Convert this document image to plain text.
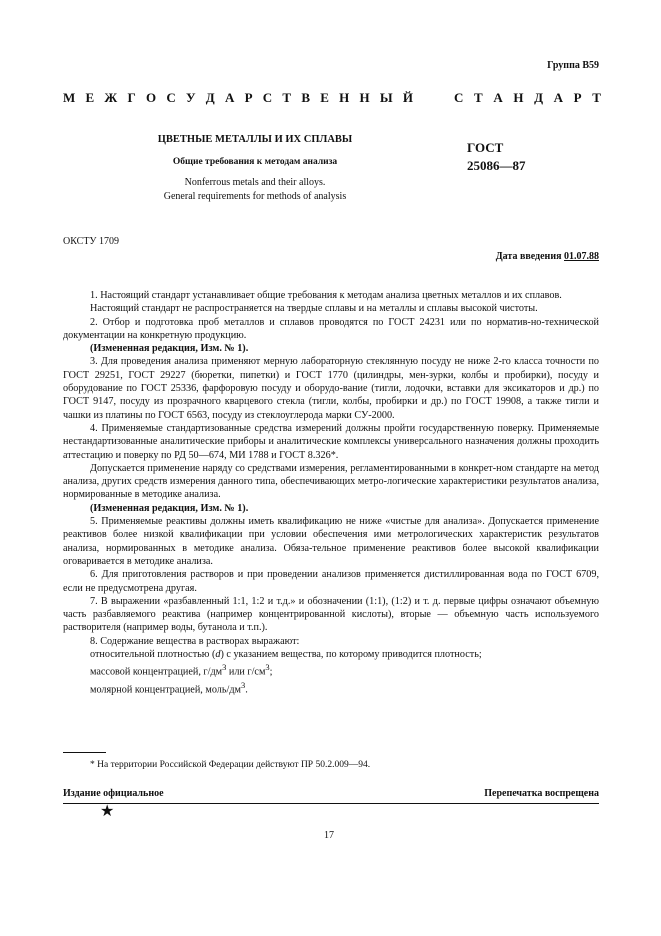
Группа В59
М Е Ж Г О С У Д А Р С Т В Е Н Н Ы Й	С Т А Н Д А Р Т
ЦВЕТНЫЕ МЕТАЛЛЫ И ИХ СПЛАВЫ
Общие требования к методам анализа
Nonferrous metals and their alloys.
General requirements for methods of analysis
ГОСТ
25086—87
ОКСТУ 1709
Дата введения 01.07.88

1. Настоящий стандарт устанавливает общие требования к методам анализа цветных металлов и их сплавов.

Настоящий стандарт не распространяется на твердые сплавы и на металлы и сплавы высокой чистоты.

2. Отбор и подготовка проб металлов и сплавов проводятся по ГОСТ 24231 или по норматив-но-технической документации на конкретную продукцию.

(Измененная редакция, Изм. № 1).

3. Для проведения анализа применяют мерную лабораторную стеклянную посуду не ниже 2-го класса точности по ГОСТ 29251, ГОСТ 29227 (бюретки, пипетки) и ГОСТ 1770 (цилиндры, мен-зурки, колбы и пробирки), посуду и оборудование по ГОСТ 25336, фарфоровую посуду и оборудо-вание (тигли, лодочки, вставки для эксикаторов и др.) по ГОСТ 9147, посуду из прозрачного кварцевого стекла (тигли, колбы, пробирки и др.) по ГОСТ 19908, а также тигли и чашки из платины по ГОСТ 6563, посуду из стеклоуглерода марки СУ-2000.

4. Применяемые стандартизованные средства измерений должны пройти государственную поверку. Применяемые нестандартизованные аналитические приборы и аналитические комплексы универсального назначения должны проходить аттестацию и поверку по РД 50—674, МИ 1788 и ГОСТ 8.326*.

Допускается применение наряду со средствами измерения, регламентированными в конкрет-ном стандарте на метод анализа, других средств измерения данного типа, обеспечивающих метро-логические характеристики результатов анализа, нормированные в методике анализа.

(Измененная редакция, Изм. № 1).

5. Применяемые реактивы должны иметь квалификацию не ниже «чистые для анализа». Допускается применение реактивов более низкой квалификации при условии обеспечения ими метрологических характеристик результатов анализа, нормированных в методике анализа. Обяза-тельное применение реактивов более высокой квалификации оговаривается в методике анализа.

6. Для приготовления растворов и при проведении анализов применяется дистиллированная вода по ГОСТ 6709, если не предусмотрена другая.

7. В выражении «разбавленный 1:1, 1:2 и т.д.» и обозначении (1:1), (1:2) и т. д. первые цифры означают объемную часть разбавляемого реактива (например концентрированной кислоты), вторые — объемную часть используемого растворителя (например воды, бутанола и т.п.).

8. Содержание вещества в растворах выражают:

относительной плотностью (d) с указанием вещества, по которому приводится плотность;

массовой концентрацией, $г/дм^3$ или $г/см^3$;

молярной концентрацией, моль/$дм^3$.

* На территории Российской Федерации действуют ПР 50.2.009—94.
Издание официальное	Перепечатка воспрещена
★
17
